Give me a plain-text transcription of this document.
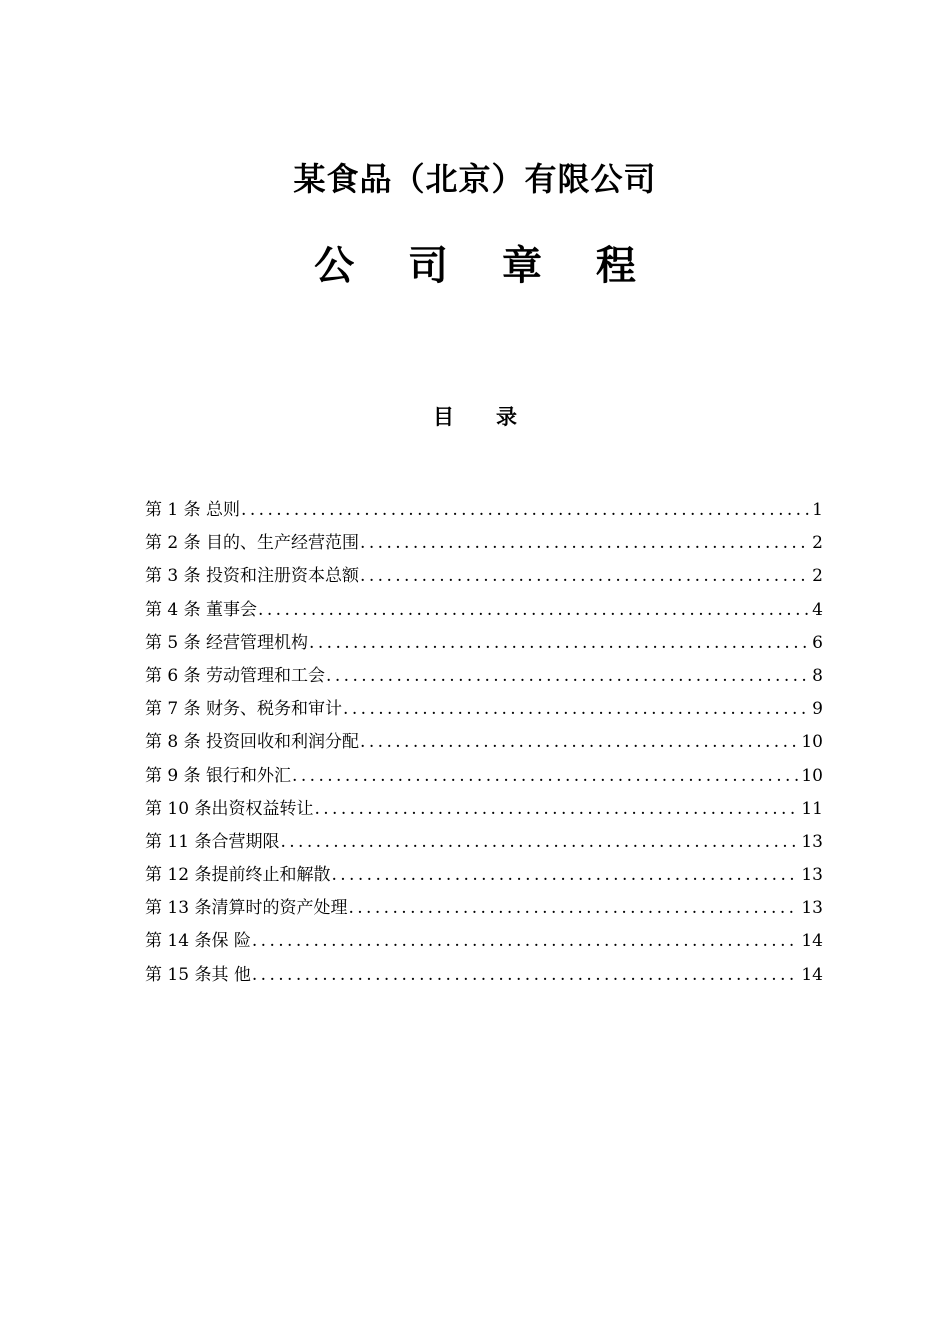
某食品（北京）有限公司
公 司 章 程
目 录
第 1 条 总则 .....	1
第 2 条 目的、生产经营范围 .....	2
第 3 条 投资和注册资本总额 .....	2
第 4 条 董事会 .....	4
第 5 条 经营管理机构 .....	6
第 6 条 劳动管理和工会 .....	8
第 7 条 财务、税务和审计 .....	9
第 8 条 投资回收和利润分配 .....	10
第 9 条 银行和外汇 .....	10
第 10 条出资权益转让 .....	11
第 11 条合营期限 .....	13
第 12 条提前终止和解散 .....	13
第 13 条清算时的资产处理 .....	13
第 14 条保 险 .....	14
第 15 条其 他 .....	14
